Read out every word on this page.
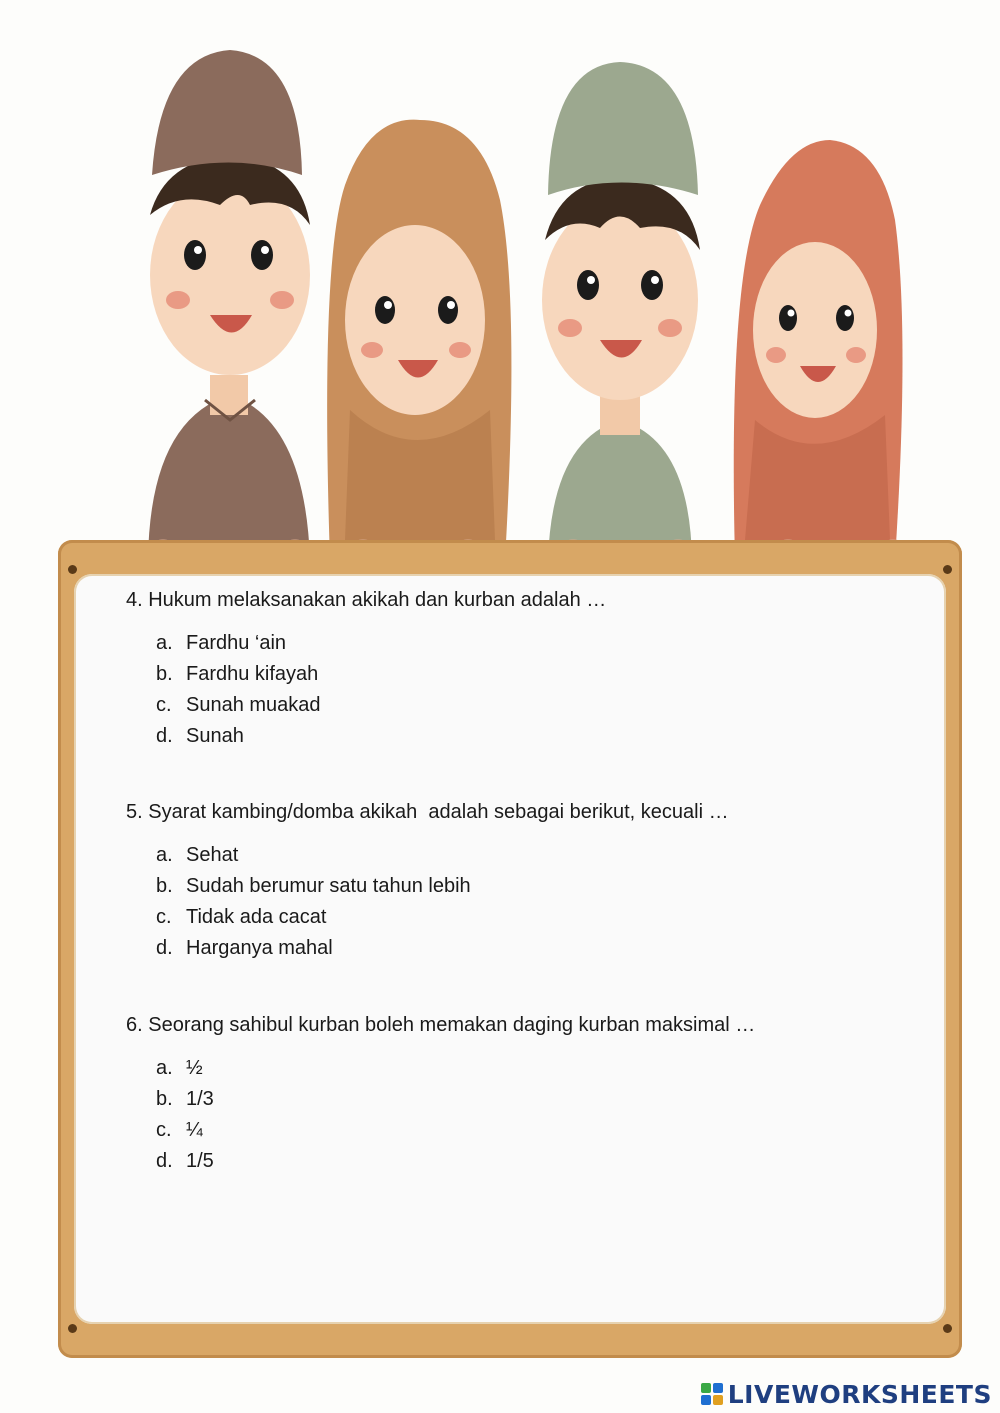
4. Hukum melaksanakan akikah dan kurban adalah …
a. Fardhu ‘ain
b. Fardhu kifayah
c. Sunah muakad
d. Sunah
5. Syarat kambing/domba akikah  adalah sebagai berikut, kecuali …
a. Sehat
b. Sudah berumur satu tahun lebih
c. Tidak ada cacat
d. Harganya mahal
6. Seorang sahibul kurban boleh memakan daging kurban maksimal …
a. ½
b. 1/3
c. ¼
d. 1/5
LIVEWORKSHEETS
